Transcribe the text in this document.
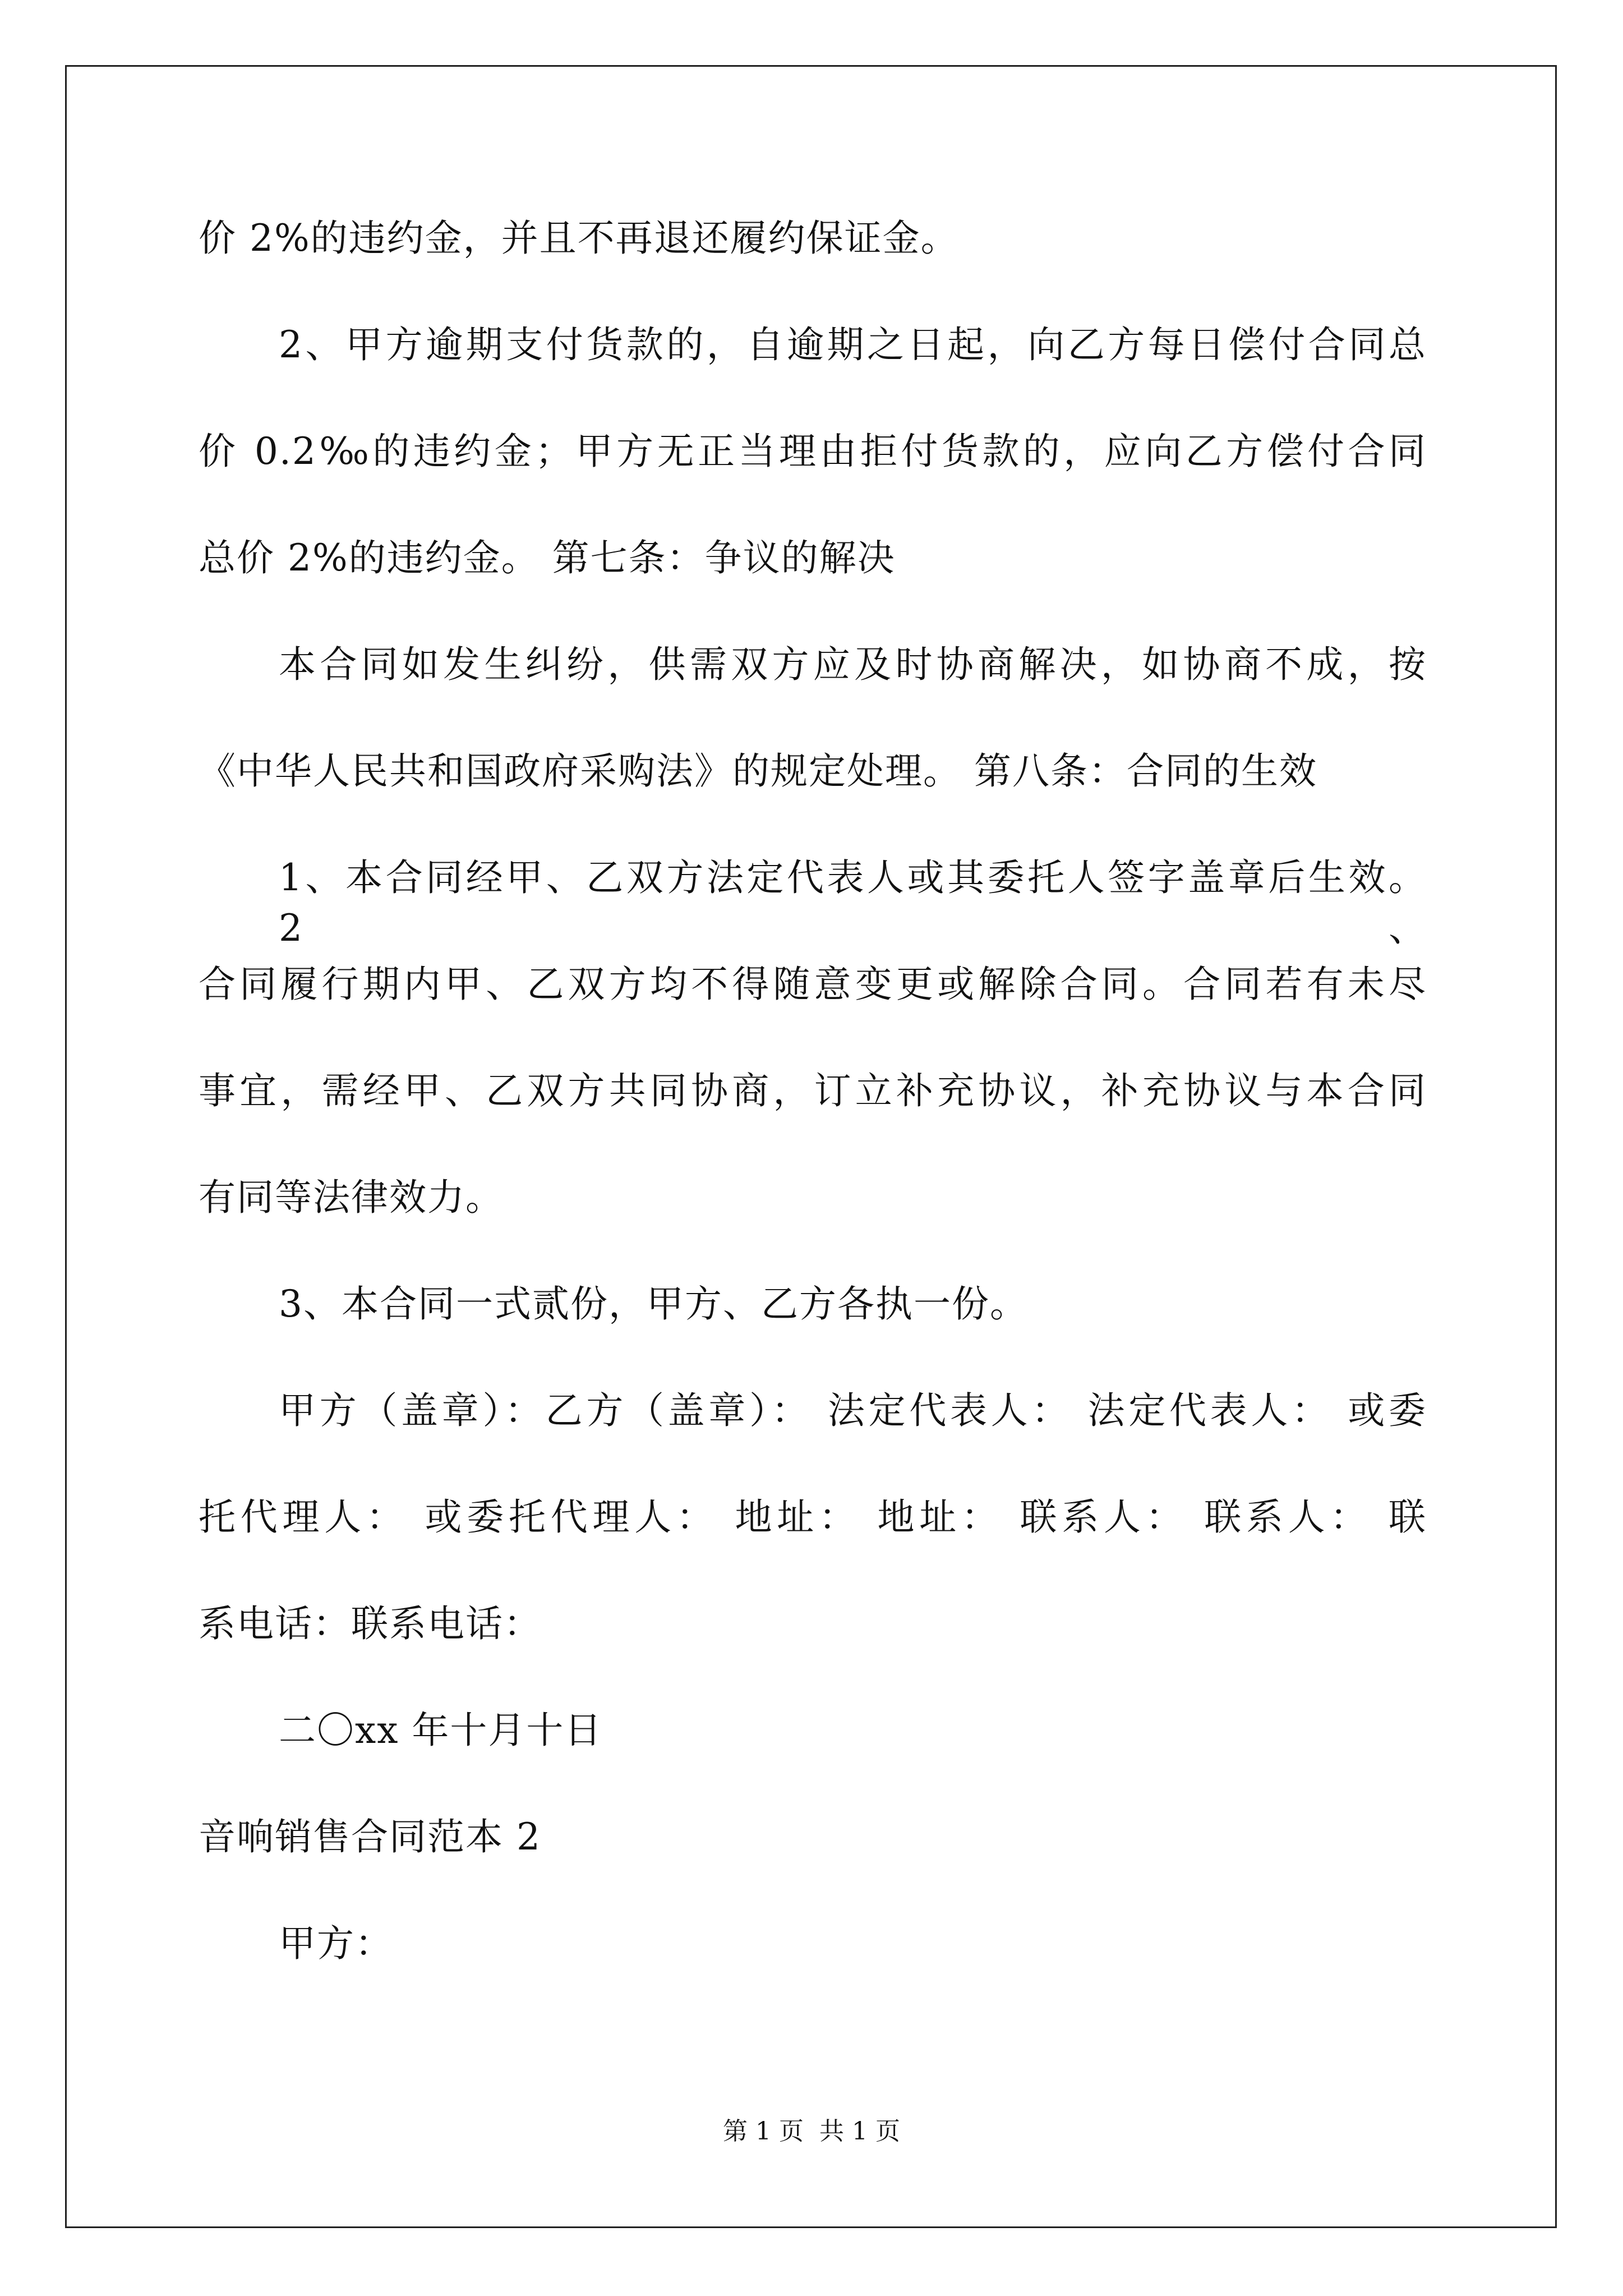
价 2%的违约金，并且不再退还履约保证金。
2、甲方逾期支付货款的，自逾期之日起，向乙方每日偿付合同总
价 0.2‰的违约金；甲方无正当理由拒付货款的，应向乙方偿付合同
总价 2%的违约金。 第七条：争议的解决
本合同如发生纠纷，供需双方应及时协商解决，如协商不成，按
《中华人民共和国政府采购法》的规定处理。 第八条：合同的生效
1、本合同经甲、乙双方法定代表人或其委托人签字盖章后生效。2、
合同履行期内甲、乙双方均不得随意变更或解除合同。合同若有未尽
事宜，需经甲、乙双方共同协商，订立补充协议，补充协议与本合同
有同等法律效力。
3、本合同一式贰份，甲方、乙方各执一份。
甲方（盖章）：乙方（盖章）： 法定代表人： 法定代表人： 或委
托代理人： 或委托代理人： 地址： 地址： 联系人： 联系人： 联
系电话：联系电话：
二〇xx 年十月十日
音响销售合同范本 2
甲方：
第 1 页 共 1 页
